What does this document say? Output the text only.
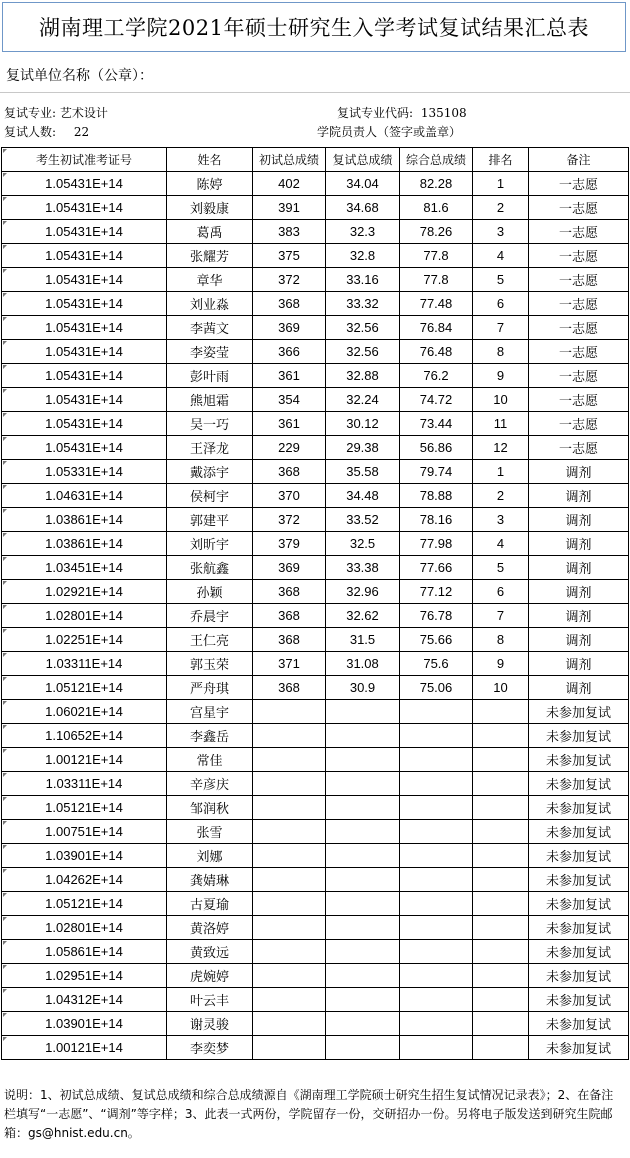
湖南理工学院2021年硕士研究生入学考试复试结果汇总表
复试单位名称（公章）：
复试专业: 艺术设计
复试人数: 22
复试专业代码: 135108
学院员责人（签字或盖章）
考生初试准考证号	姓名	初试总成绩	复试总成绩	综合总成绩	排名	备注
1.05431E+14	陈婷	402	34.04	82.28	1	一志愿
1.05431E+14	刘毅康	391	34.68	81.6	2	一志愿
1.05431E+14	葛禹	383	32.3	78.26	3	一志愿
1.05431E+14	张耀芳	375	32.8	77.8	4	一志愿
1.05431E+14	章华	372	33.16	77.8	5	一志愿
1.05431E+14	刘业淼	368	33.32	77.48	6	一志愿
1.05431E+14	李茜文	369	32.56	76.84	7	一志愿
1.05431E+14	李姿莹	366	32.56	76.48	8	一志愿
1.05431E+14	彭叶雨	361	32.88	76.2	9	一志愿
1.05431E+14	熊旭霜	354	32.24	74.72	10	一志愿
1.05431E+14	吴一巧	361	30.12	73.44	11	一志愿
1.05431E+14	王泽龙	229	29.38	56.86	12	一志愿
1.05331E+14	戴添宇	368	35.58	79.74	1	调剂
1.04631E+14	侯柯宇	370	34.48	78.88	2	调剂
1.03861E+14	郭建平	372	33.52	78.16	3	调剂
1.03861E+14	刘昕宇	379	32.5	77.98	4	调剂
1.03451E+14	张航鑫	369	33.38	77.66	5	调剂
1.02921E+14	孙颖	368	32.96	77.12	6	调剂
1.02801E+14	乔晨宇	368	32.62	76.78	7	调剂
1.02251E+14	王仁亮	368	31.5	75.66	8	调剂
1.03311E+14	郭玉荣	371	31.08	75.6	9	调剂
1.05121E+14	严舟琪	368	30.9	75.06	10	调剂
1.06021E+14	宫星宇					未参加复试
1.10652E+14	李鑫岳					未参加复试
1.00121E+14	常佳					未参加复试
1.03311E+14	辛彦庆					未参加复试
1.05121E+14	邹润秋					未参加复试
1.00751E+14	张雪					未参加复试
1.03901E+14	刘娜					未参加复试
1.04262E+14	龚婧琳					未参加复试
1.05121E+14	古夏瑜					未参加复试
1.02801E+14	黄洛婷					未参加复试
1.05861E+14	黄致远					未参加复试
1.02951E+14	虎婉婷					未参加复试
1.04312E+14	叶云丰					未参加复试
1.03901E+14	谢灵骏					未参加复试
1.00121E+14	李奕梦					未参加复试
说明：1、初试总成绩、复试总成绩和综合总成绩源自《湖南理工学院硕士研究生招生复试情况记录表》；2、在备注栏填写“一志愿”、“调剂”等字样；3、此表一式两份，学院留存一份，交研招办一份。另将电子版发送到研究生院邮箱：gs@hnist.edu.cn。
